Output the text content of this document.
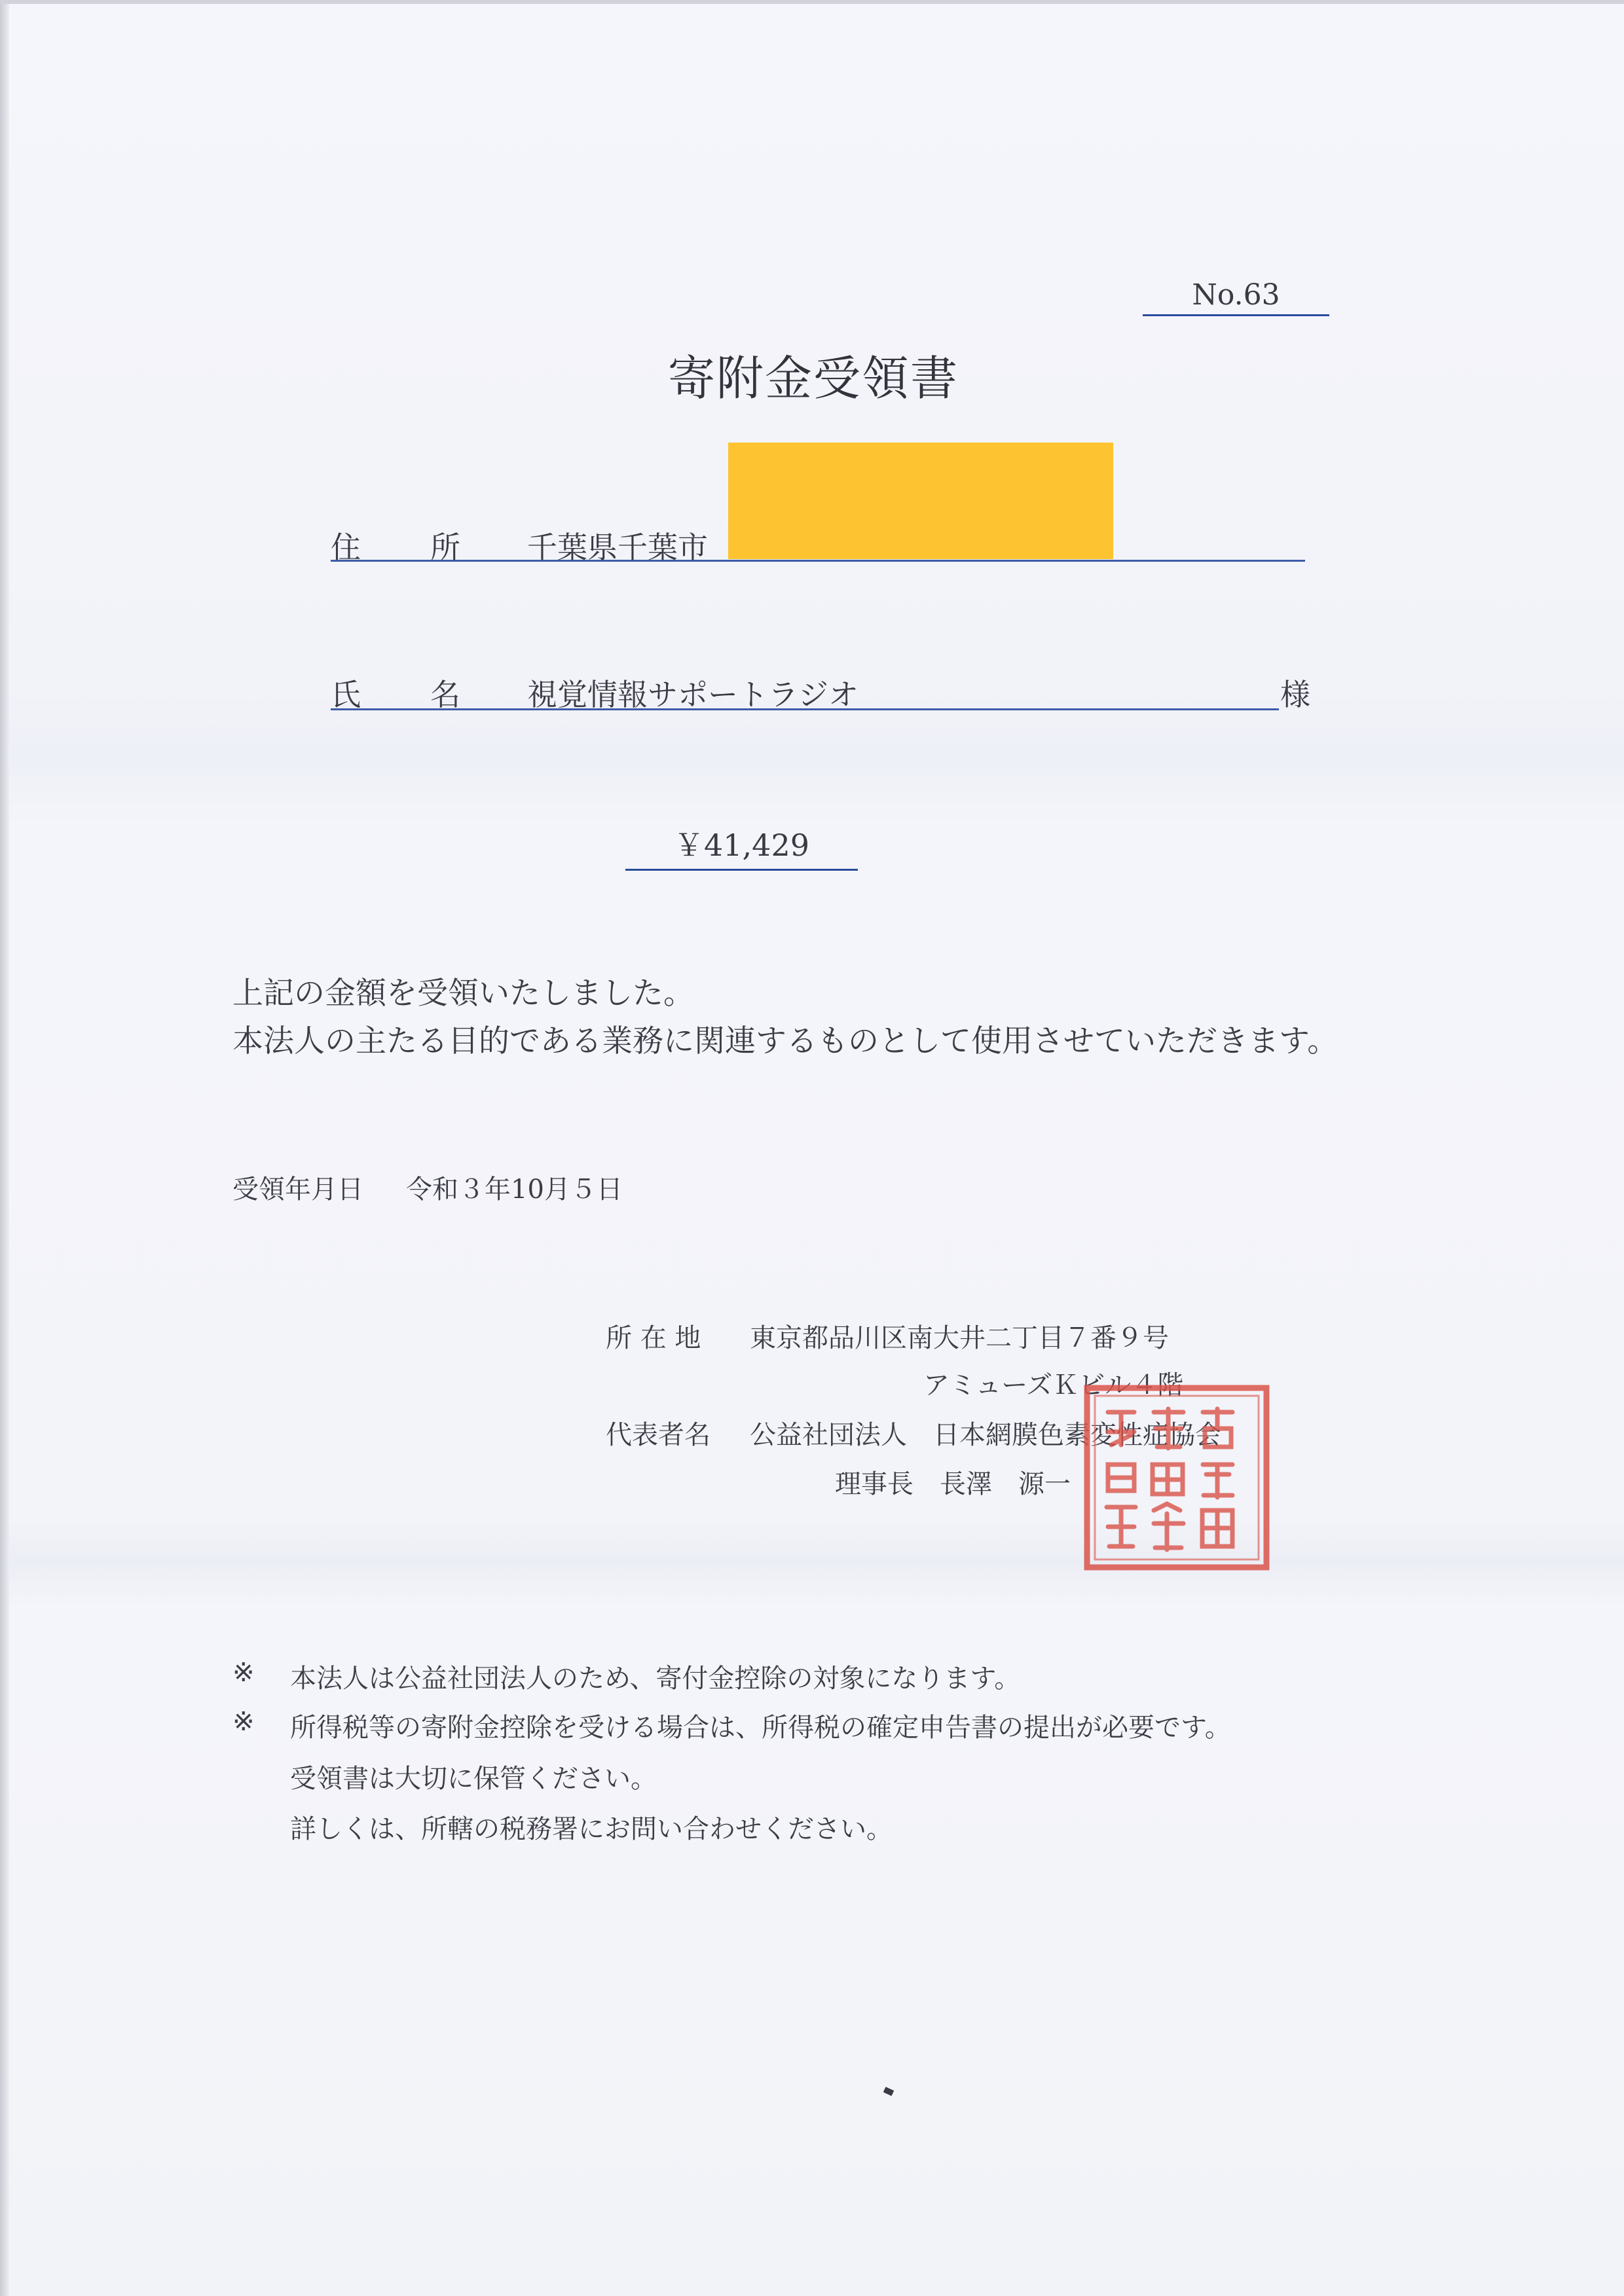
No.63
寄附金受領書
住　所 千葉県千葉市
氏　名 視覚情報サポートラジオ	様
￥41,429
上記の金額を受領いたしました。
本法人の主たる目的である業務に関連するものとして使用させていただきます。
受領年月日 令和３年10月５日
所 在 地 東京都品川区南大井二丁目７番９号
アミューズＫビル４階
代表者名 公益社団法人　日本網膜色素変性症協会
理事長　長澤　源一
※ 本法人は公益社団法人のため、寄付金控除の対象になります。
※ 所得税等の寄附金控除を受ける場合は、所得税の確定申告書の提出が必要です。
受領書は大切に保管ください。
詳しくは、所轄の税務署にお問い合わせください。
